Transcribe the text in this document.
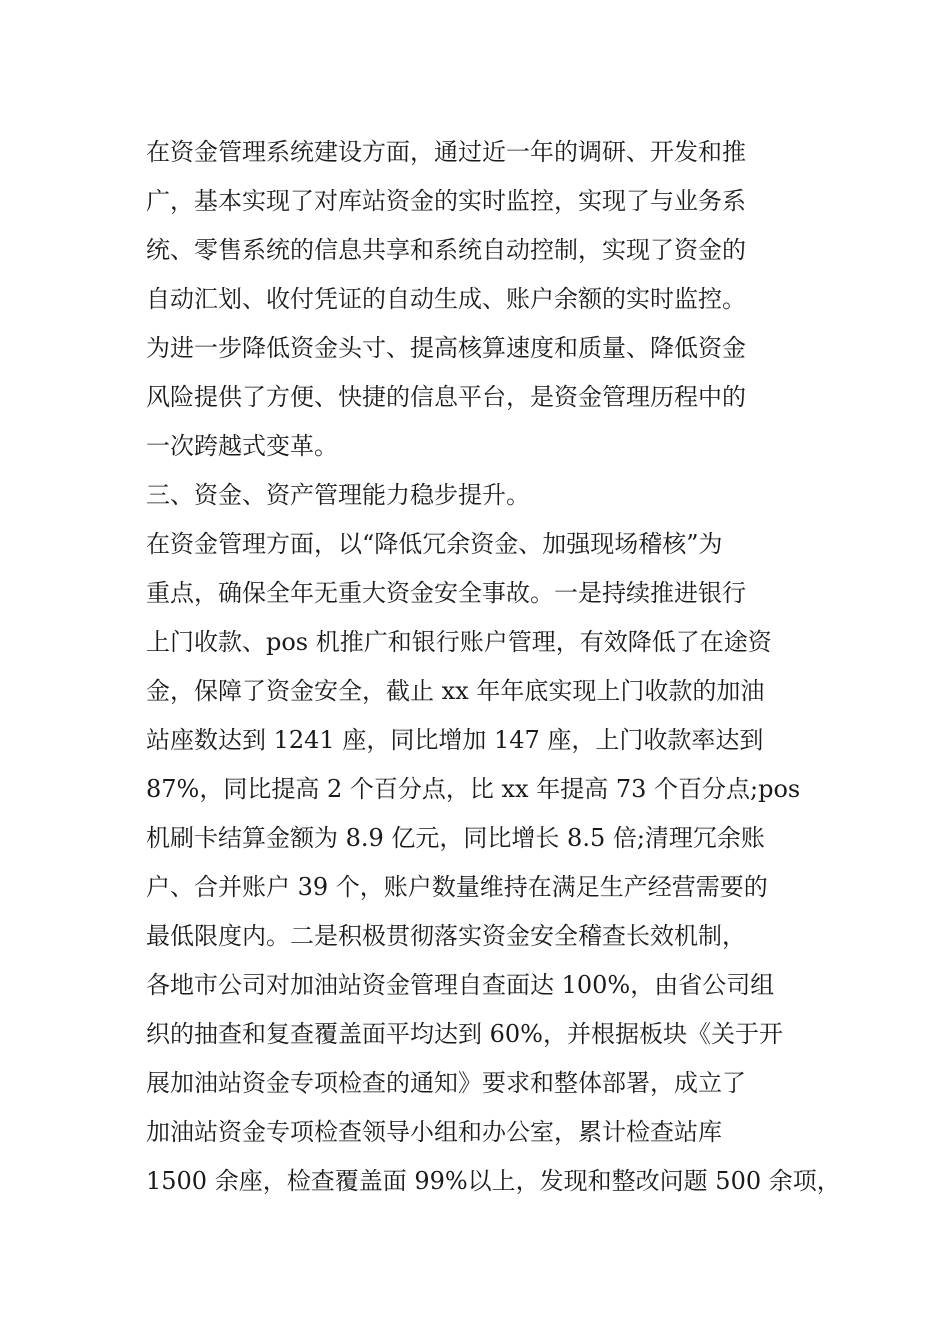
在资金管理系统建设方面，通过近一年的调研、开发和推
广，基本实现了对库站资金的实时监控，实现了与业务系
统、零售系统的信息共享和系统自动控制，实现了资金的
自动汇划、收付凭证的自动生成、账户余额的实时监控。
为进一步降低资金头寸、提高核算速度和质量、降低资金
风险提供了方便、快捷的信息平台，是资金管理历程中的
一次跨越式变革。
三、资金、资产管理能力稳步提升。
在资金管理方面，以“降低冗余资金、加强现场稽核”为
重点，确保全年无重大资金安全事故。一是持续推进银行
上门收款、pos 机推广和银行账户管理，有效降低了在途资
金，保障了资金安全，截止 xx 年年底实现上门收款的加油
站座数达到 1241 座，同比增加 147 座，上门收款率达到
87%，同比提高 2 个百分点，比 xx 年提高 73 个百分点;pos
机刷卡结算金额为 8.9 亿元，同比增长 8.5 倍;清理冗余账
户、合并账户 39 个，账户数量维持在满足生产经营需要的
最低限度内。二是积极贯彻落实资金安全稽查长效机制，
各地市公司对加油站资金管理自查面达 100%，由省公司组
织的抽查和复查覆盖面平均达到 60%，并根据板块《关于开
展加油站资金专项检查的通知》要求和整体部署，成立了
加油站资金专项检查领导小组和办公室，累计检查站库
1500 余座，检查覆盖面 99%以上，发现和整改问题 500 余项，
